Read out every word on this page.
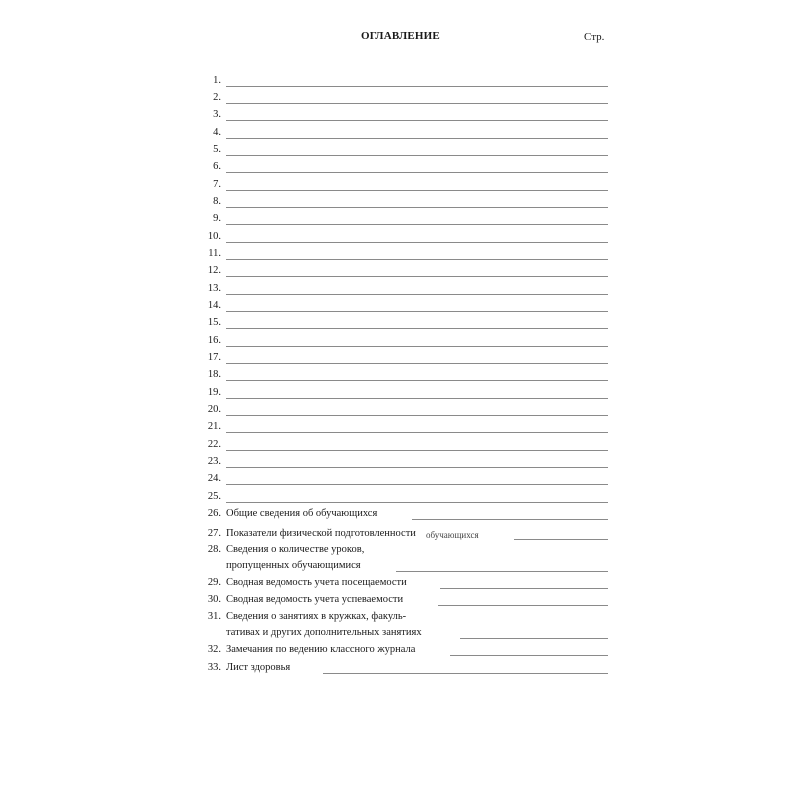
ОГЛАВЛЕНИЕ	Стр.
1.
2.
3.
4.
5.
6.
7.
8.
9.
10.
11.
12.
13.
14.
15.
16.
17.
18.
19.
20.
21.
22.
23.
24.
25.
26. Общие сведения об обучающихся
27. Показатели физической подготовленности обучающихся
28. Сведения о количестве уроков,
пропущенных обучающимися
29. Сводная ведомость учета посещаемости
30. Сводная ведомость учета успеваемости
31. Сведения о занятиях в кружках, факуль-
тативах и других дополнительных занятиях
32. Замечания по ведению классного журнала
33. Лист здоровья
